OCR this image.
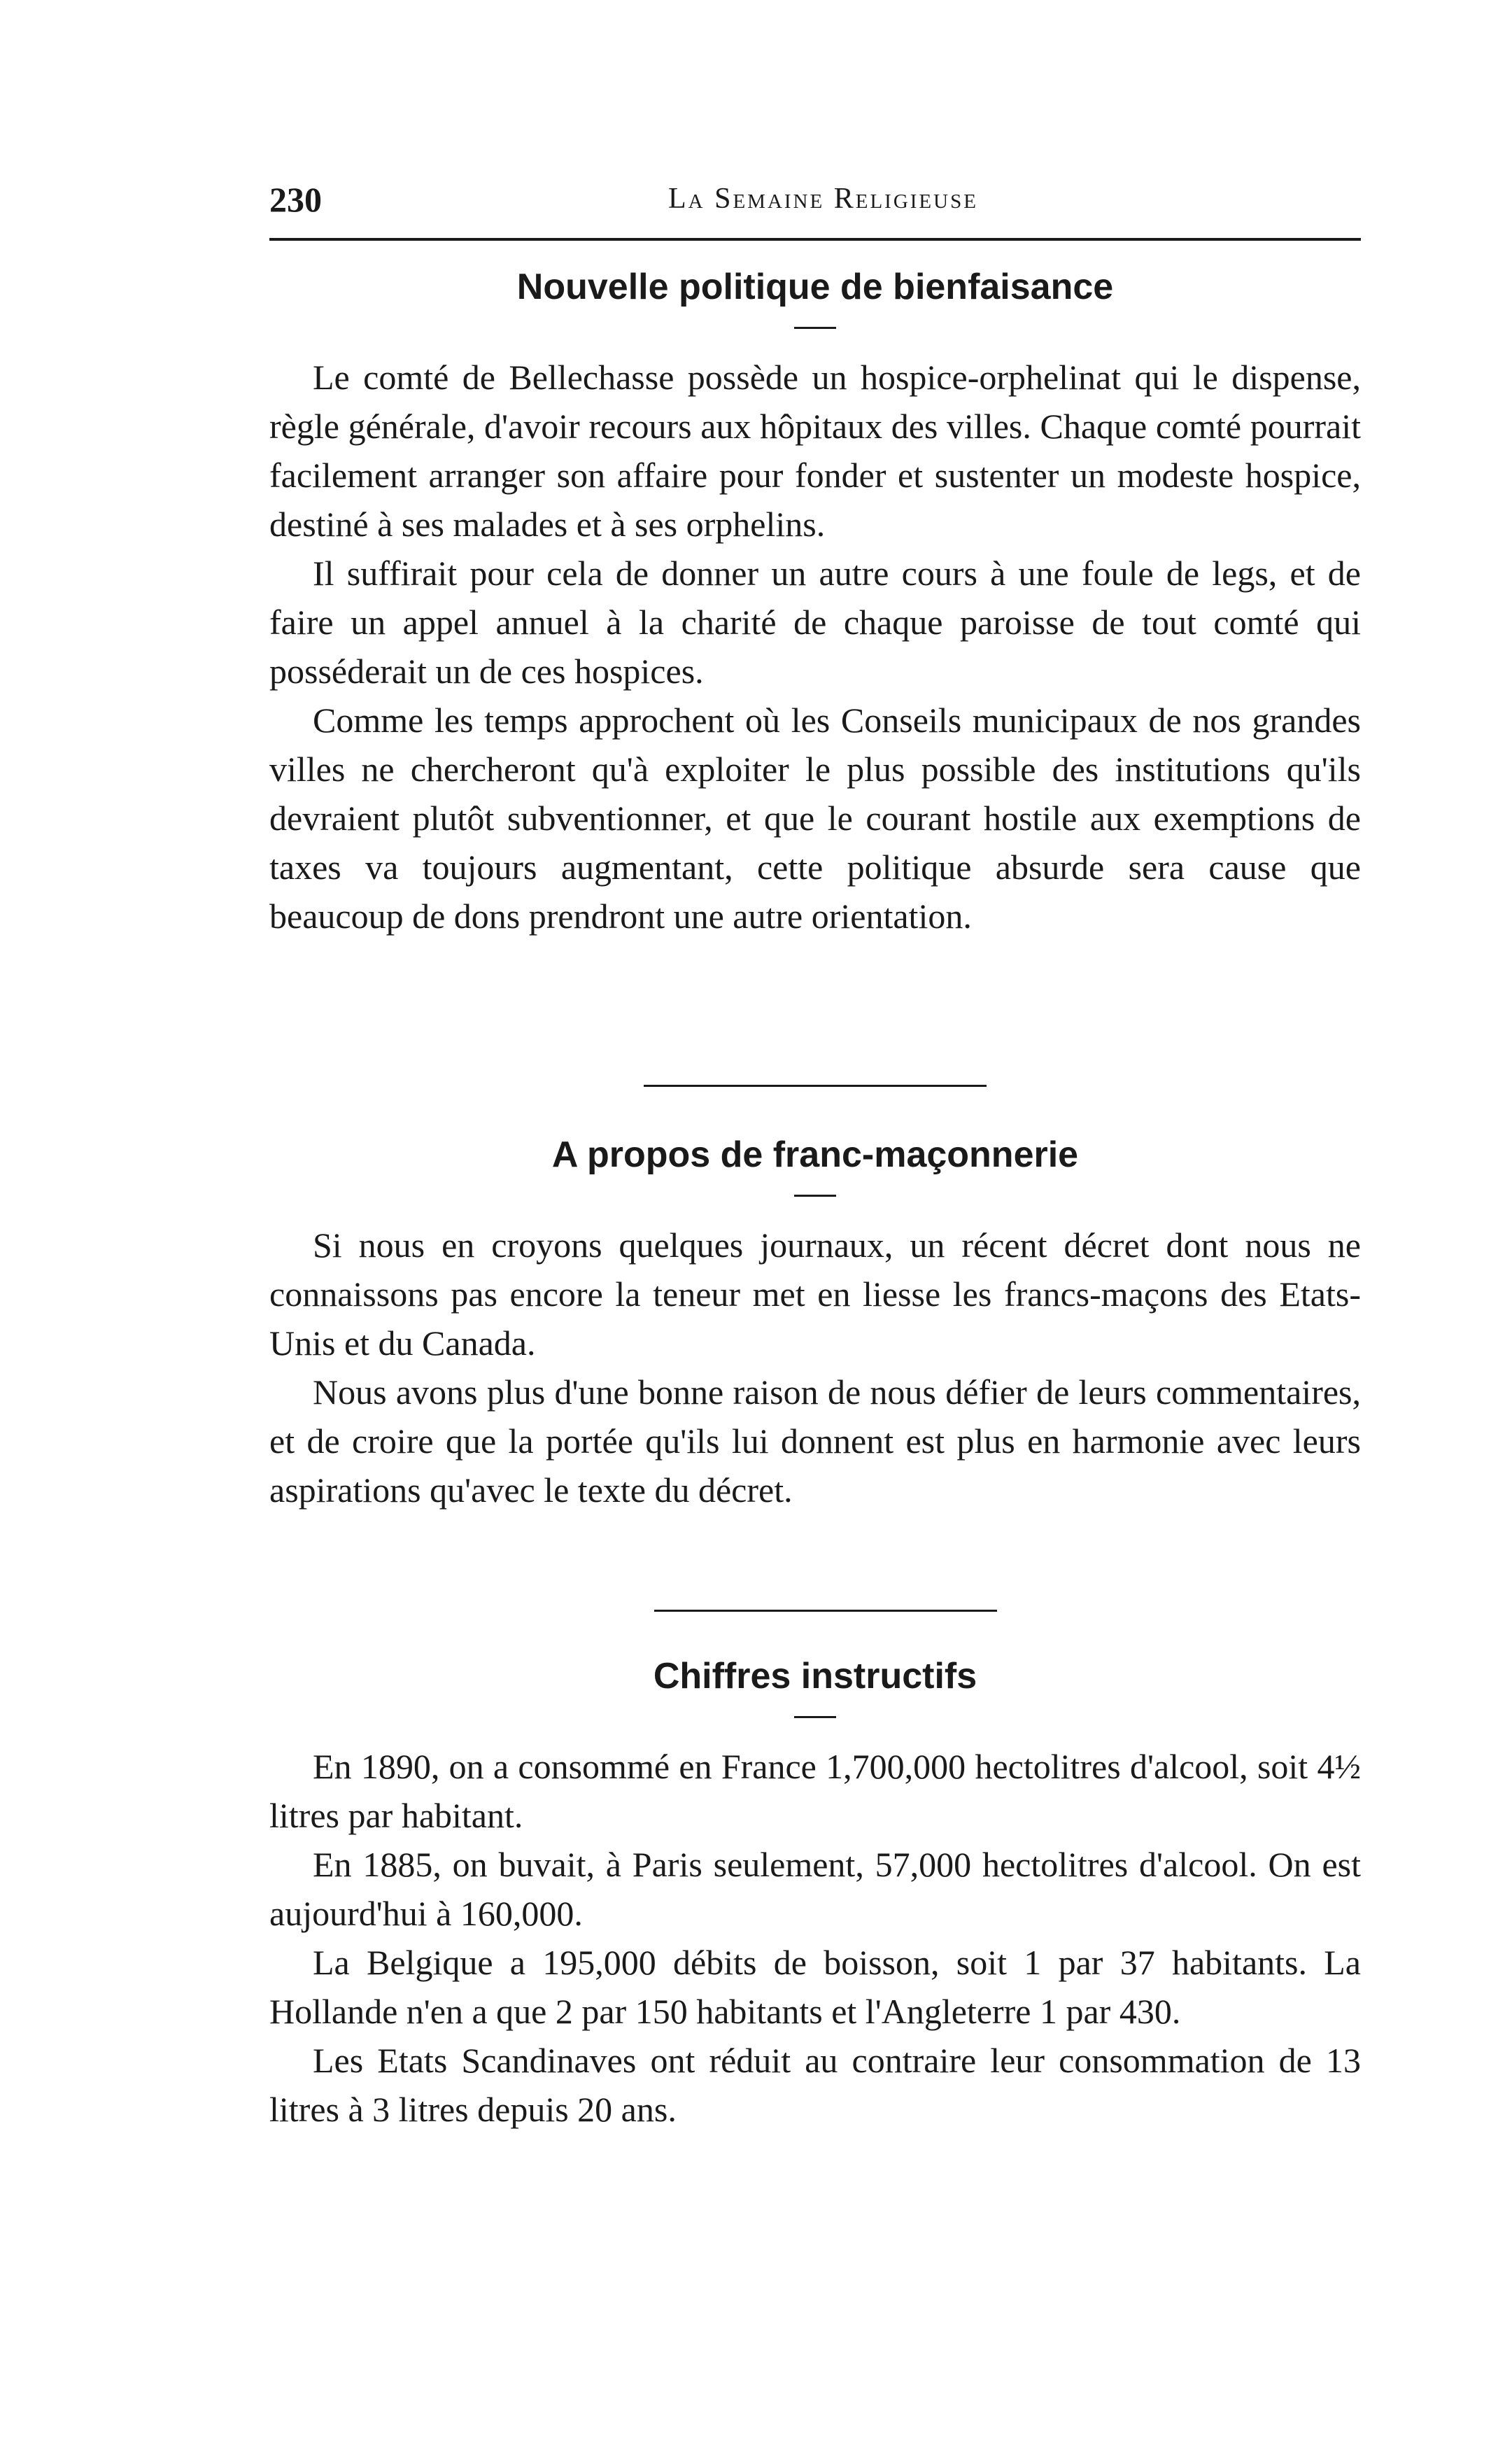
230	La Semaine Religieuse
Nouvelle politique de bienfaisance

Le comté de Bellechasse possède un hospice-orphelinat qui le dispense, règle générale, d'avoir recours aux hôpitaux des villes. Chaque comté pourrait facilement arranger son affaire pour fonder et sustenter un modeste hospice, destiné à ses malades et à ses orphelins.

Il suffirait pour cela de donner un autre cours à une foule de legs, et de faire un appel annuel à la charité de chaque paroisse de tout comté qui posséderait un de ces hospices.

Comme les temps approchent où les Conseils municipaux de nos grandes villes ne chercheront qu'à exploiter le plus possible des institutions qu'ils devraient plutôt subventionner, et que le courant hostile aux exemptions de taxes va toujours augmentant, cette politique absurde sera cause que beaucoup de dons prendront une autre orientation.

A propos de franc-maçonnerie

Si nous en croyons quelques journaux, un récent décret dont nous ne connaissons pas encore la teneur met en liesse les francs-maçons des Etats-Unis et du Canada.

Nous avons plus d'une bonne raison de nous défier de leurs commentaires, et de croire que la portée qu'ils lui donnent est plus en harmonie avec leurs aspirations qu'avec le texte du décret.

Chiffres instructifs

En 1890, on a consommé en France 1,700,000 hectolitres d'alcool, soit 4½ litres par habitant.

En 1885, on buvait, à Paris seulement, 57,000 hectolitres d'alcool. On est aujourd'hui à 160,000.

La Belgique a 195,000 débits de boisson, soit 1 par 37 habitants. La Hollande n'en a que 2 par 150 habitants et l'Angleterre 1 par 430.

Les Etats Scandinaves ont réduit au contraire leur consommation de 13 litres à 3 litres depuis 20 ans.
